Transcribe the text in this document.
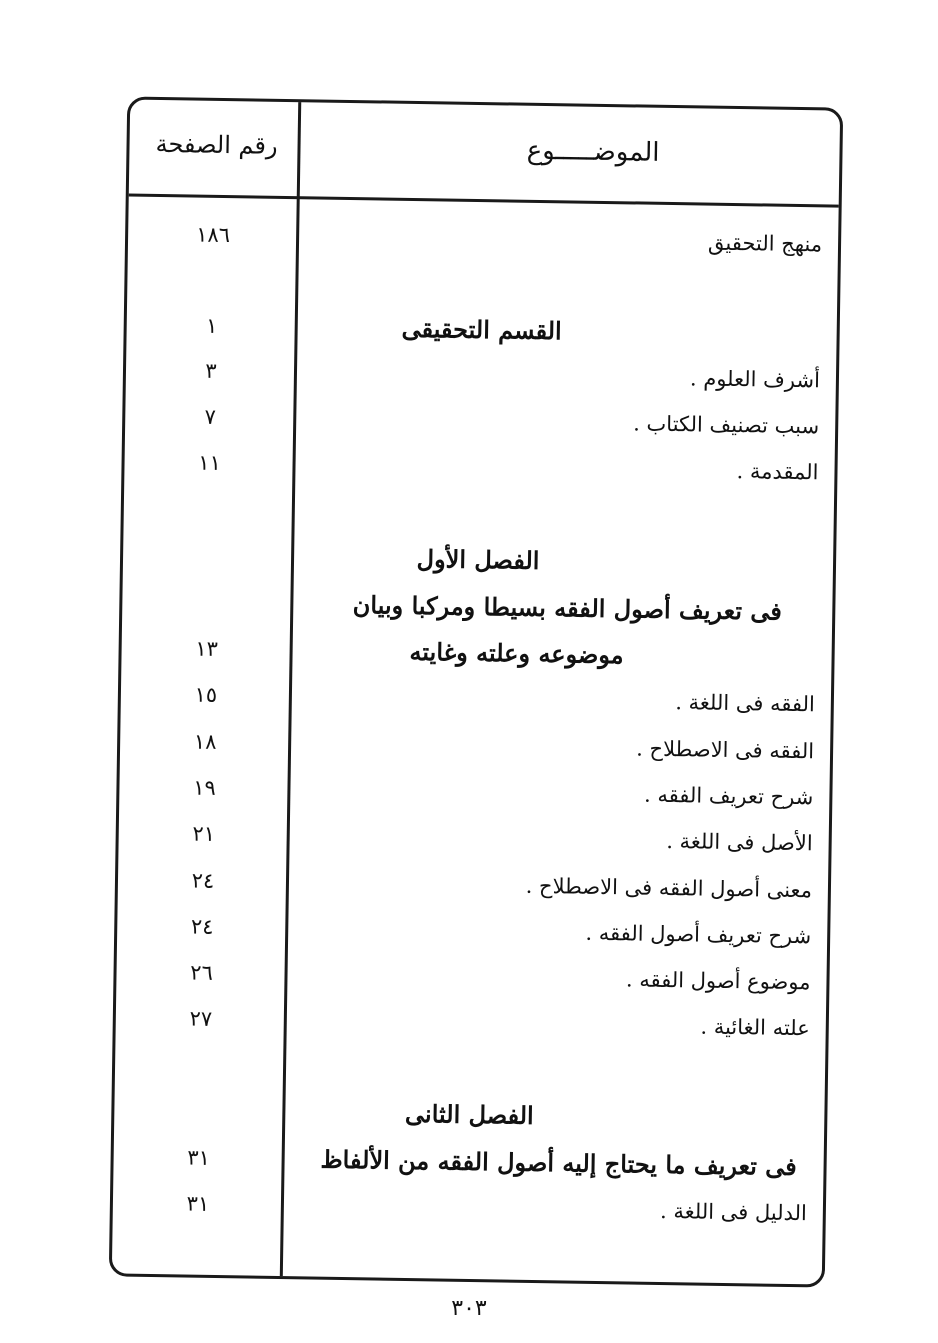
الموضـــــوع
رقم الصفحة
منهج التحقيق
١٨٦
القسم التحقيقى
١
أشرف العلوم .
٣
سبب تصنيف الكتاب .
٧
المقدمة .
١١
الفصل الأول
فى تعريف أصول الفقه بسيطا ومركبا وبيان
موضوعه وعلته وغايته
١٣
الفقه فى اللغة .
١٥
الفقه فى الاصطلاح .
١٨
شرح تعريف الفقه .
١٩
الأصل فى اللغة .
٢١
معنى أصول الفقه فى الاصطلاح .
٢٤
شرح تعريف أصول الفقه .
٢٤
موضوع أصول الفقه .
٢٦
علته الغائية .
٢٧
الفصل الثانى
فى تعريف ما يحتاج إليه أصول الفقه من الألفاظ
٣١
الدليل فى اللغة .
٣١
٣٠٣
